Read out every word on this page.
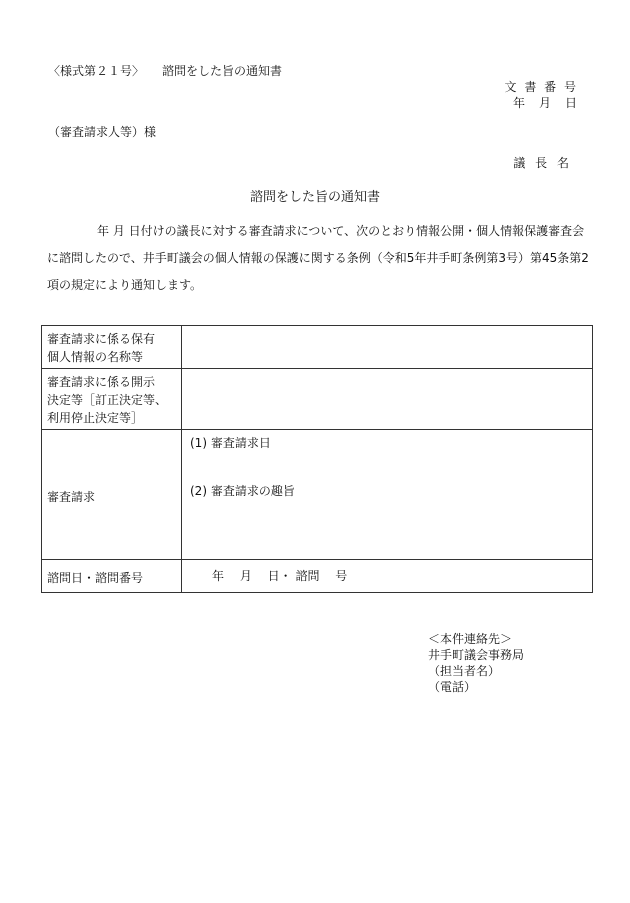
〈様式第２１号〉 諮問をした旨の通知書
文 書 番 号
年　月　日
（審査請求人等）様
議 長 名
諮問をした旨の通知書
年 月 日付けの議長に対する審査請求について、次のとおり情報公開・個人情報保護審査会に諮問したので、井手町議会の個人情報の保護に関する条例（令和5年井手町条例第3号）第45条第2項の規定により通知します。
審査請求に係る保有
個人情報の名称等	

審査請求に係る開示
決定等［訂正決定等、
利用停止決定等］	

審査請求	(1) 審査請求日
(2) 審査請求の趣旨

諮問日・諮問番号	年　 月　 日・ 諮問　 号
＜本件連絡先＞
井手町議会事務局
（担当者名）
（電話）
